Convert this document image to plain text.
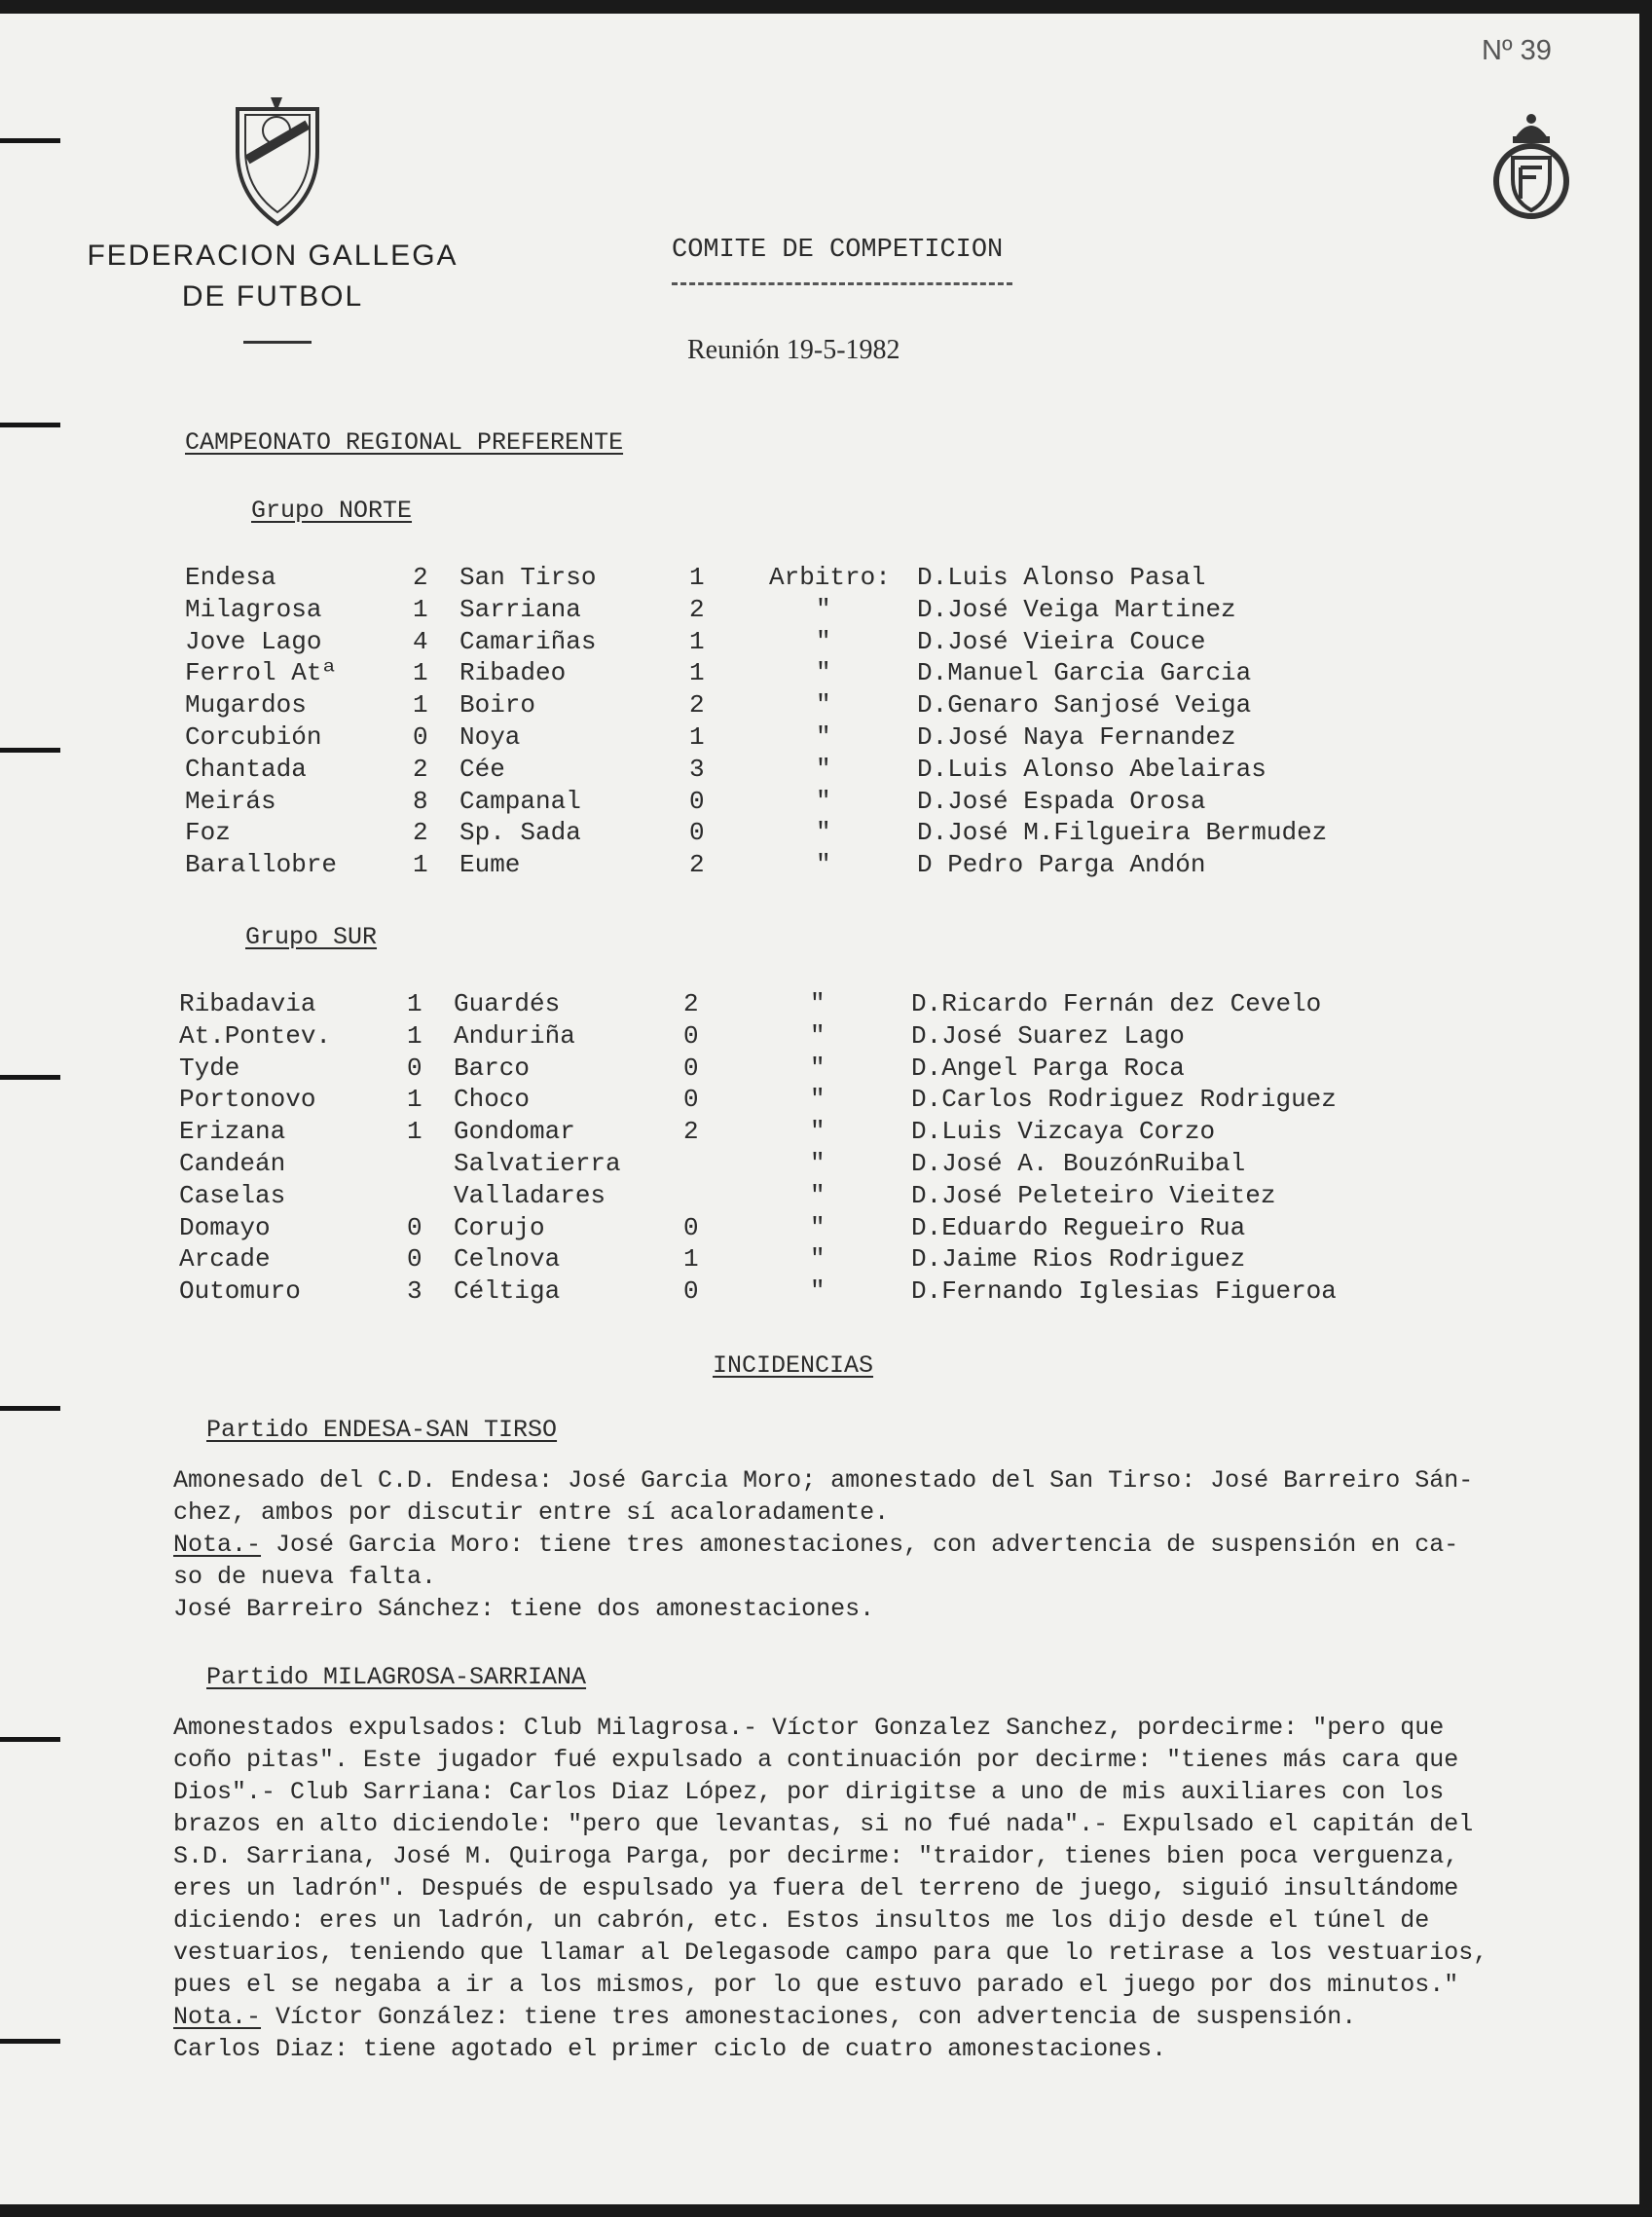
Nº 39
FEDERACION GALLEGA
DE FUTBOL
COMITE DE COMPETICION
Reunión 19-5-1982
CAMPEONATO REGIONAL PREFERENTE
Grupo NORTE
Endesa	2 San Tirso	1	Arbitro: D.Luis Alonso Pasal
Milagrosa	1 Sarriana	2	"	D.José Veiga Martinez
Jove Lago	4 Camariñas	1	"	D.José Vieira Couce
Ferrol Atª	1 Ribadeo	1	"	D.Manuel Garcia Garcia
Mugardos	1 Boiro	2	"	D.Genaro Sanjosé Veiga
Corcubión	0 Noya	1	"	D.José Naya Fernandez
Chantada	2 Cée	3	"	D.Luis Alonso Abelairas
Meirás	8 Campanal	0	"	D.José Espada Orosa
Foz	2 Sp. Sada	0	"	D.José M.Filgueira Bermudez
Barallobre	1 Eume	2	"	D Pedro Parga Andón
Grupo SUR
Ribadavia	1 Guardés	2	"	D.Ricardo Fernán dez Cevelo
At.Pontev.	1 Anduriña	0	"	D.José Suarez Lago
Tyde	0 Barco	0	"	D.Angel Parga Roca
Portonovo	1 Choco	0	"	D.Carlos Rodriguez Rodriguez
Erizana	1 Gondomar	2	"	D.Luis Vizcaya Corzo
Candeán	Salvatierra	"	D.José A. BouzónRuibal
Caselas	Valladares	"	D.José Peleteiro Vieitez
Domayo	0 Corujo	0	"	D.Eduardo Regueiro Rua
Arcade	0 Celnova	1	"	D.Jaime Rios Rodriguez
Outomuro	3 Céltiga	0	"	D.Fernando Iglesias Figueroa
INCIDENCIAS
Partido ENDESA-SAN TIRSO
Amonesado del C.D. Endesa: José Garcia Moro; amonestado del San Tirso: José Barreiro Sán-
chez, ambos por discutir entre sí acaloradamente.
Nota.- José Garcia Moro: tiene tres amonestaciones, con advertencia de suspensión en ca-
so de nueva falta.
José Barreiro Sánchez: tiene dos amonestaciones.
Partido MILAGROSA-SARRIANA
Amonestados expulsados: Club Milagrosa.- Víctor Gonzalez Sanchez, pordecirme: "pero que
coño pitas". Este jugador fué expulsado a continuación por decirme: "tienes más cara que
Dios".- Club Sarriana: Carlos Diaz López, por dirigitse a uno de mis auxiliares con los
brazos en alto diciendole: "pero que levantas, si no fué nada".- Expulsado el capitán del
S.D. Sarriana, José M. Quiroga Parga, por decirme: "traidor, tienes bien poca verguenza,
eres un ladrón". Después de espulsado ya fuera del terreno de juego, siguió insultándome
diciendo: eres un ladrón, un cabrón, etc. Estos insultos me los dijo desde el túnel de
vestuarios, teniendo que llamar al Delegasode campo para que lo retirase a los vestuarios,
pues el se negaba a ir a los mismos, por lo que estuvo parado el juego por dos minutos."
Nota.- Víctor González: tiene tres amonestaciones, con advertencia de suspensión.
Carlos Diaz: tiene agotado el primer ciclo de cuatro amonestaciones.
